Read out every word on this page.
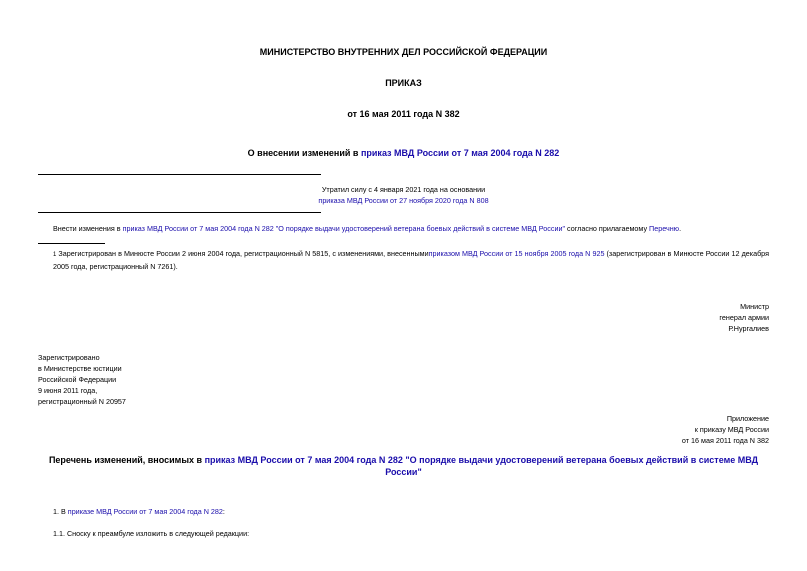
МИНИСТЕРСТВО ВНУТРЕННИХ ДЕЛ РОССИЙСКОЙ ФЕДЕРАЦИИ
ПРИКАЗ
от 16 мая 2011 года N 382
О внесении изменений в приказ МВД России от 7 мая 2004 года N 282
Утратил силу с 4 января 2021 года на основании
приказа МВД России от 27 ноября 2020 года N 808
Внести изменения в приказ МВД России от 7 мая 2004 года N 282 "О порядке выдачи удостоверений ветерана боевых действий в системе МВД России" согласно прилагаемому Перечню.
1 Зарегистрирован в Минюсте России 2 июня 2004 года, регистрационный N 5815, с изменениями, внесеннымиприказом МВД России от 15 ноября 2005 года N 925 (зарегистрирован в Минюсте России 12 декабря 2005 года, регистрационный N 7261).
Министр
генерал армии
Р.Нургалиев
Зарегистрировано
в Министерстве юстиции
Российской Федерации
9 июня 2011 года,
регистрационный N 20957
Приложение
к приказу МВД России
от 16 мая 2011 года N 382
Перечень изменений, вносимых в приказ МВД России от 7 мая 2004 года N 282 "О порядке выдачи удостоверений ветерана боевых действий в системе МВД России"
1. В приказе МВД России от 7 мая 2004 года N 282:
1.1. Сноску к преамбуле изложить в следующей редакции:
